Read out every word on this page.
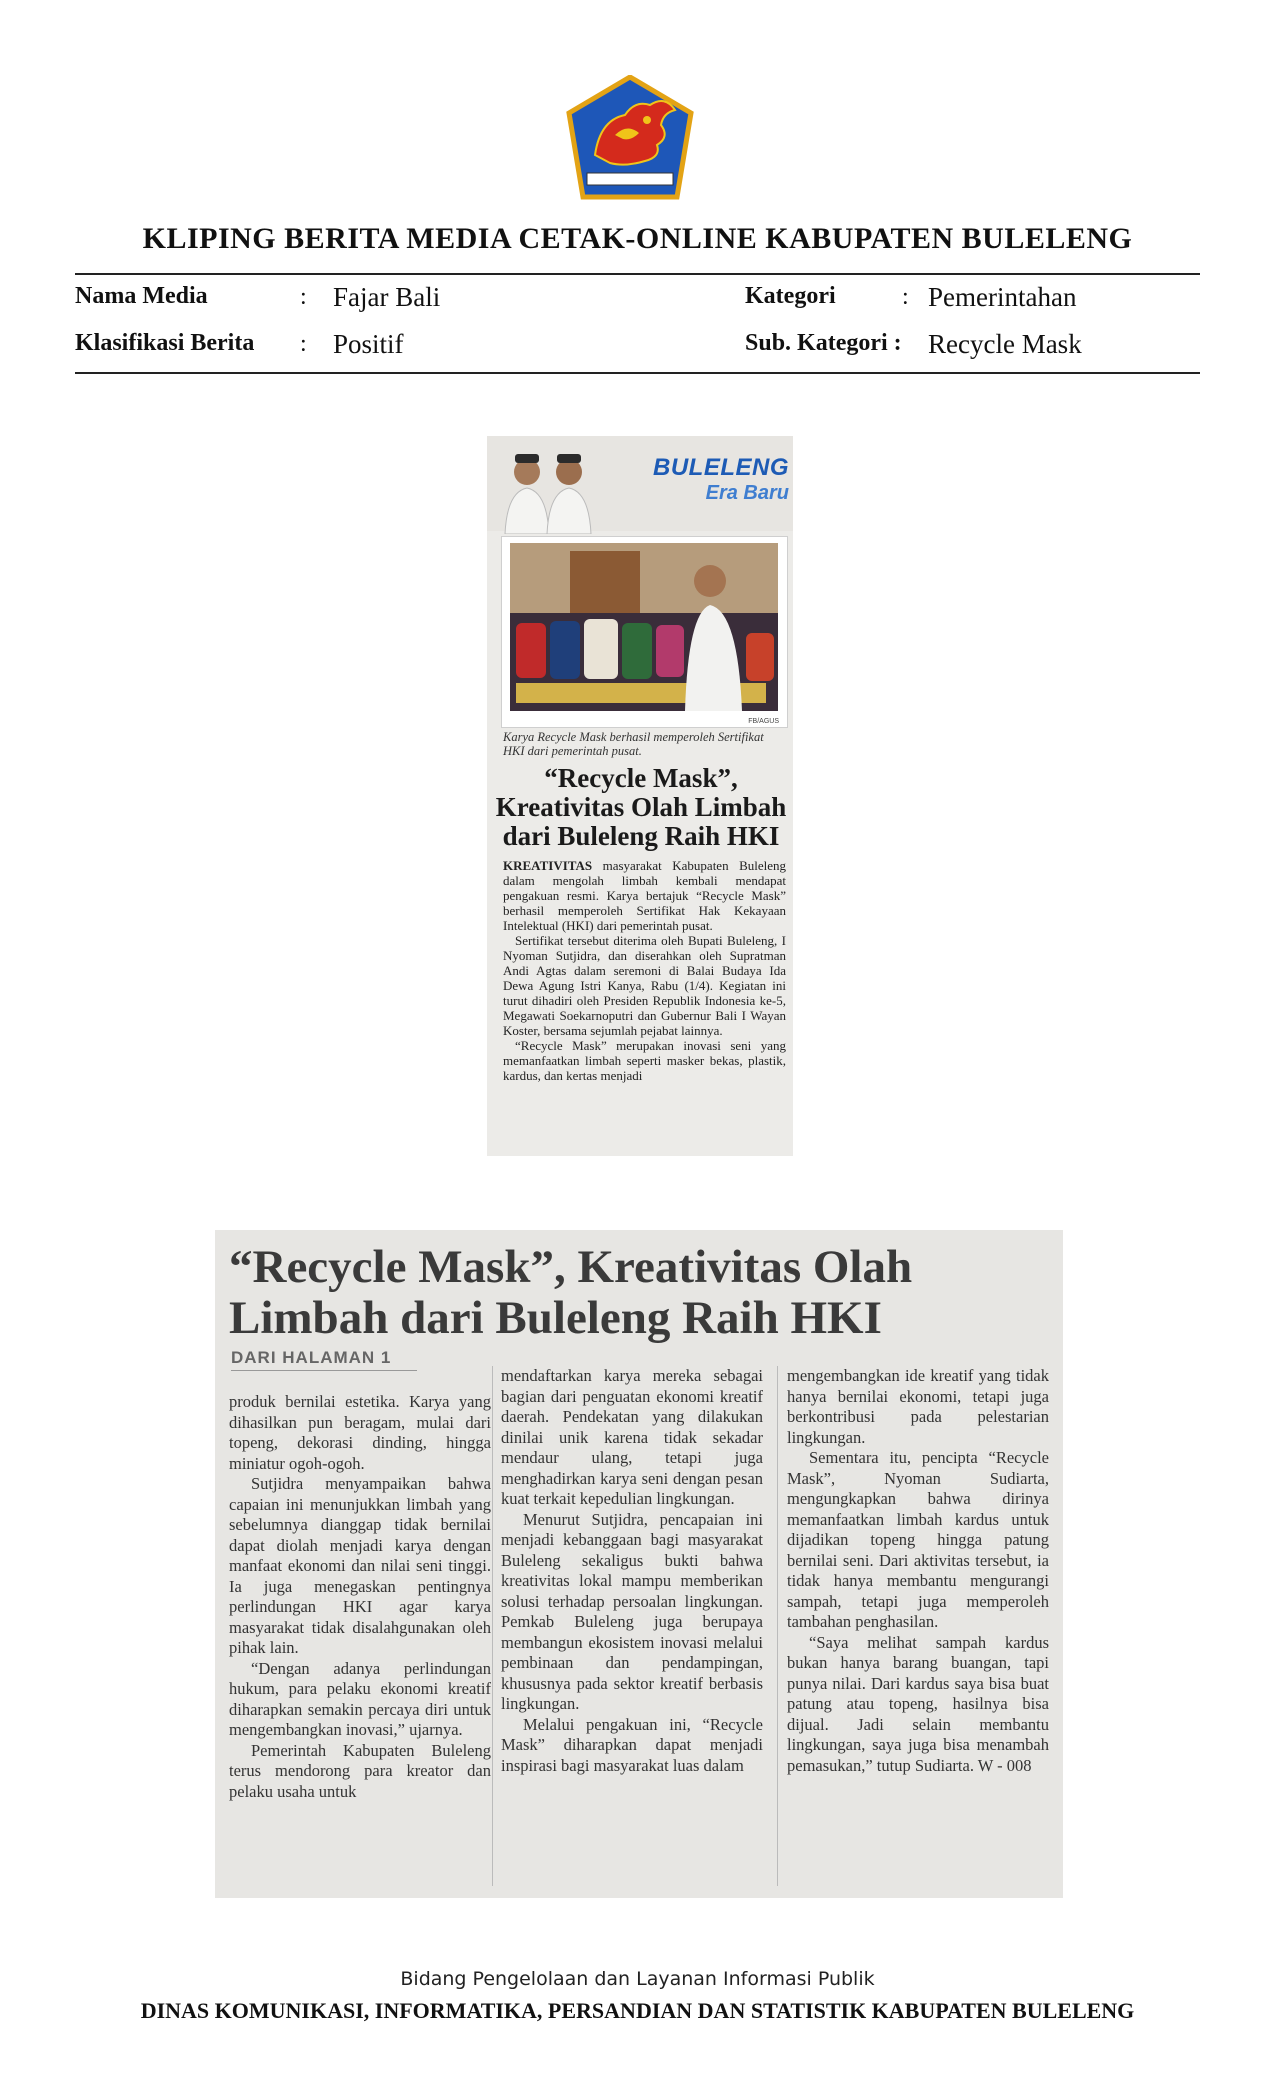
KLIPING BERITA MEDIA CETAK-ONLINE KABUPATEN BULELENG
Nama Media	: Fajar Bali	Kategori	: Pemerintahan
Klasifikasi Berita : Positif	Sub. Kategori : Recycle Mask
BULELENG
Era Baru
FB/AGUS
Karya Recycle Mask berhasil memperoleh Sertifikat HKI dari pemerintah pusat.
“Recycle Mask”, Kreativitas Olah Limbah dari Buleleng Raih HKI

KREATIVITAS masyarakat Kabupaten Buleleng dalam mengolah limbah kembali mendapat pengakuan resmi. Karya bertajuk “Recycle Mask” berhasil memperoleh Sertifikat Hak Kekayaan Intelektual (HKI) dari pemerintah pusat.

Sertifikat tersebut diterima oleh Bupati Buleleng, I Nyoman Sutjidra, dan diserahkan oleh Supratman Andi Agtas dalam seremoni di Balai Budaya Ida Dewa Agung Istri Kanya, Rabu (1/4). Kegiatan ini turut dihadiri oleh Presiden Republik Indonesia ke-5, Megawati Soekarnoputri dan Gubernur Bali I Wayan Koster, bersama sejumlah pejabat lainnya.

“Recycle Mask” merupakan inovasi seni yang memanfaatkan limbah seperti masker bekas, plastik, kardus, dan kertas menjadi

“Recycle Mask”, Kreativitas Olah Limbah dari Buleleng Raih HKI
DARI HALAMAN 1

produk bernilai estetika. Karya yang dihasilkan pun beragam, mulai dari topeng, dekorasi dinding, hingga miniatur ogoh-ogoh.

Sutjidra menyampaikan bahwa capaian ini menunjukkan limbah yang sebelumnya dianggap tidak bernilai dapat diolah menjadi karya dengan manfaat ekonomi dan nilai seni tinggi. Ia juga menegaskan pentingnya perlindungan HKI agar karya masyarakat tidak disalahgunakan oleh pihak lain.

“Dengan adanya perlindungan hukum, para pelaku ekonomi kreatif diharapkan semakin percaya diri untuk mengembangkan inovasi,” ujarnya.

Pemerintah Kabupaten Buleleng terus mendorong para kreator dan pelaku usaha untuk

mendaftarkan karya mereka sebagai bagian dari penguatan ekonomi kreatif daerah. Pendekatan yang dilakukan dinilai unik karena tidak sekadar mendaur ulang, tetapi juga menghadirkan karya seni dengan pesan kuat terkait kepedulian lingkungan.

Menurut Sutjidra, pencapaian ini menjadi kebanggaan bagi masyarakat Buleleng sekaligus bukti bahwa kreativitas lokal mampu memberikan solusi terhadap persoalan lingkungan. Pemkab Buleleng juga berupaya membangun ekosistem inovasi melalui pembinaan dan pendampingan, khususnya pada sektor kreatif berbasis lingkungan.

Melalui pengakuan ini, “Recycle Mask” diharapkan dapat menjadi inspirasi bagi masyarakat luas dalam

mengembangkan ide kreatif yang tidak hanya bernilai ekonomi, tetapi juga berkontribusi pada pelestarian lingkungan.

Sementara itu, pencipta “Recycle Mask”, Nyoman Sudiarta, mengungkapkan bahwa dirinya memanfaatkan limbah kardus untuk dijadikan topeng hingga patung bernilai seni. Dari aktivitas tersebut, ia tidak hanya membantu mengurangi sampah, tetapi juga memperoleh tambahan penghasilan.

“Saya melihat sampah kardus bukan hanya barang buangan, tapi punya nilai. Dari kardus saya bisa buat patung atau topeng, hasilnya bisa dijual. Jadi selain membantu lingkungan, saya juga bisa menambah pemasukan,” tutup Sudiarta. W - 008

Bidang Pengelolaan dan Layanan Informasi Publik
DINAS KOMUNIKASI, INFORMATIKA, PERSANDIAN DAN STATISTIK KABUPATEN BULELENG
